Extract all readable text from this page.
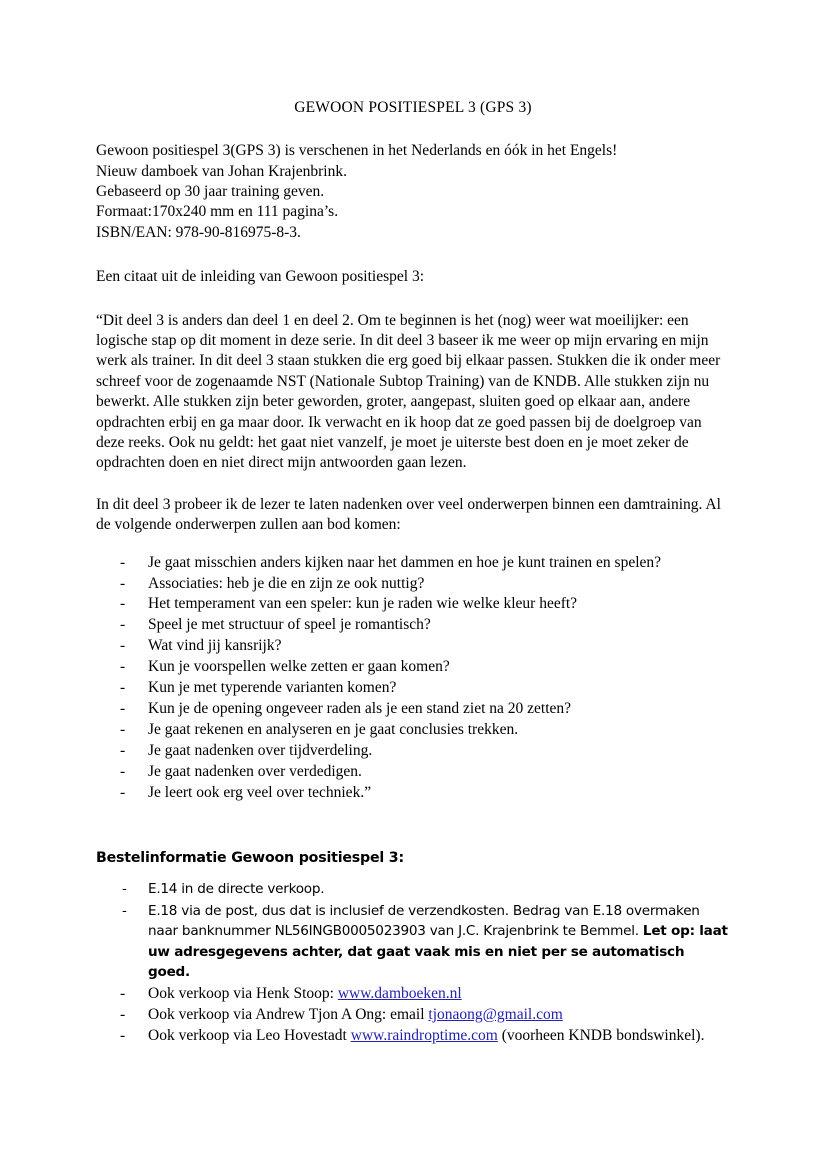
GEWOON POSITIESPEL 3 (GPS 3)
Gewoon positiespel 3(GPS 3) is verschenen in het Nederlands en óók in het Engels!
Nieuw damboek van Johan Krajenbrink.
Gebaseerd op 30 jaar training geven.
Formaat:170x240 mm en 111 pagina’s.
ISBN/EAN: 978-90-816975-8-3.
Een citaat uit de inleiding van Gewoon positiespel 3:
“Dit deel 3 is anders dan deel 1 en deel 2. Om te beginnen is het (nog) weer wat moeilijker: een logische stap op dit moment in deze serie. In dit deel 3 baseer ik me weer op mijn ervaring en mijn werk als trainer. In dit deel 3 staan stukken die erg goed bij elkaar passen. Stukken die ik onder meer schreef voor de zogenaamde NST (Nationale Subtop Training) van de KNDB. Alle stukken zijn nu bewerkt. Alle stukken zijn beter geworden, groter, aangepast, sluiten goed op elkaar aan, andere opdrachten erbij en ga maar door. Ik verwacht en ik hoop dat ze goed passen bij de doelgroep van deze reeks. Ook nu geldt: het gaat niet vanzelf, je moet je uiterste best doen en je moet zeker de opdrachten doen en niet direct mijn antwoorden gaan lezen.
In dit deel 3 probeer ik de lezer te laten nadenken over veel onderwerpen binnen een damtraining. Al de volgende onderwerpen zullen aan bod komen:
- Je gaat misschien anders kijken naar het dammen en hoe je kunt trainen en spelen?
- Associaties: heb je die en zijn ze ook nuttig?
- Het temperament van een speler: kun je raden wie welke kleur heeft?
- Speel je met structuur of speel je romantisch?
- Wat vind jij kansrijk?
- Kun je voorspellen welke zetten er gaan komen?
- Kun je met typerende varianten komen?
- Kun je de opening ongeveer raden als je een stand ziet na 20 zetten?
- Je gaat rekenen en analyseren en je gaat conclusies trekken.
- Je gaat nadenken over tijdverdeling.
- Je gaat nadenken over verdedigen.
- Je leert ook erg veel over techniek.”
Bestelinformatie Gewoon positiespel 3:
- E.14 in de directe verkoop.
- E.18 via de post, dus dat is inclusief de verzendkosten. Bedrag van E.18 overmaken naar banknummer NL56INGB0005023903 van J.C. Krajenbrink te Bemmel. Let op: laat uw adresgegevens achter, dat gaat vaak mis en niet per se automatisch goed.
- Ook verkoop via Henk Stoop: www.damboeken.nl
- Ook verkoop via Andrew Tjon A Ong: email tjonaong@gmail.com
- Ook verkoop via Leo Hovestadt www.raindroptime.com (voorheen KNDB bondswinkel).
